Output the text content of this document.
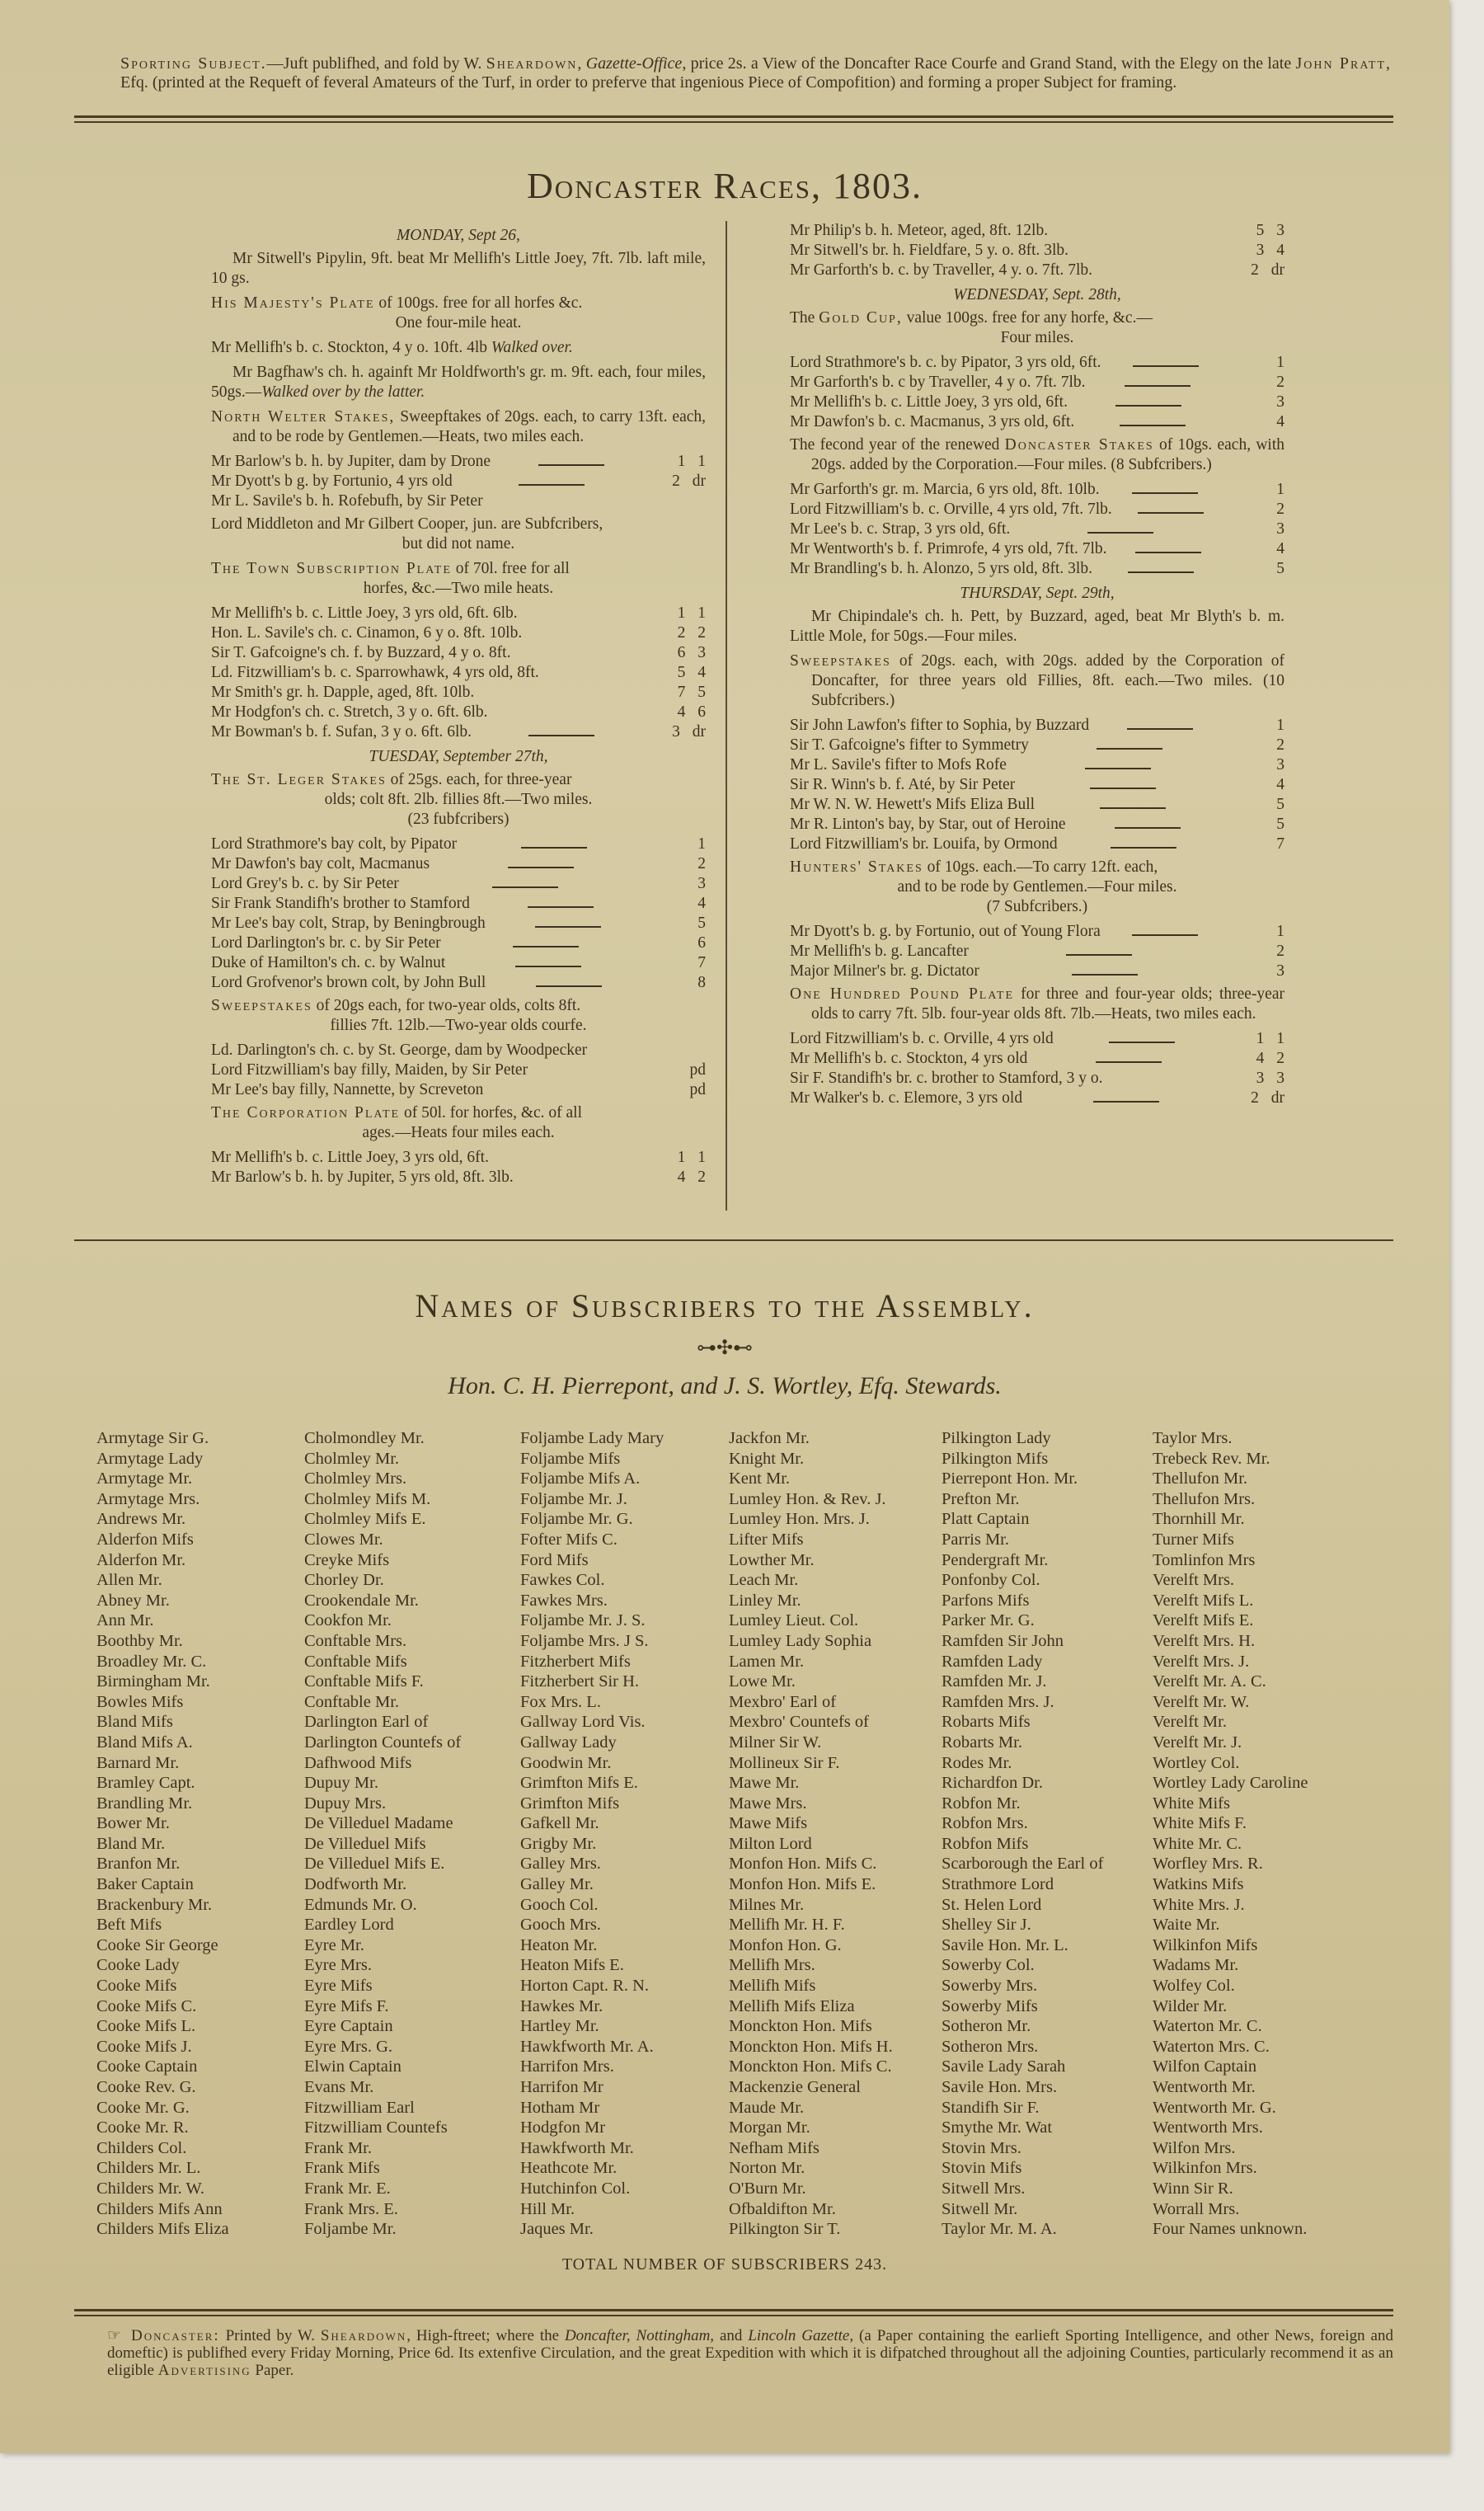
Sporting Subject.—Juft publifhed, and fold by W. Sheardown, Gazette-Office, price 2s. a View of the Doncafter Race Courfe and Grand Stand, with the Elegy on the late John Pratt, Efq. (printed at the Requeft of feveral Amateurs of the Turf, in order to preferve that ingenious Piece of Compofition) and forming a proper Subject for framing.
Doncaster Races, 1803.
MONDAY, Sept 26,
Mr Sitwell's Pipylin, 9ft. beat Mr Mellifh's Little Joey, 7ft. 7lb. laft mile, 10 gs.
His Majesty's Plate of 100gs. free for all horfes &c.
One four-mile heat.
Mr Mellifh's b. c. Stockton, 4 y o. 10ft. 4lb Walked over.
Mr Bagfhaw's ch. h. againft Mr Holdfworth's gr. m. 9ft. each, four miles, 50gs.—Walked over by the latter.
North Welter Stakes, Sweepftakes of 20gs. each, to carry 13ft. each, and to be rode by Gentlemen.—Heats, two miles each.
Mr Barlow's b. h. by Jupiter, dam by Drone	1 1
Mr Dyott's b g. by Fortunio, 4 yrs old	2 dr
Mr L. Savile's b. h. Rofebufh, by Sir Peter
Lord Middleton and Mr Gilbert Cooper, jun. are Subfcribers,
but did not name.
The Town Subscription Plate of 70l. free for all
horfes, &c.—Two mile heats.
Mr Mellifh's b. c. Little Joey, 3 yrs old, 6ft. 6lb.	1 1
Hon. L. Savile's ch. c. Cinamon, 6 y o. 8ft. 10lb.	2 2
Sir T. Gafcoigne's ch. f. by Buzzard, 4 y o. 8ft.	6 3
Ld. Fitzwilliam's b. c. Sparrowhawk, 4 yrs old, 8ft.	5 4
Mr Smith's gr. h. Dapple, aged, 8ft. 10lb.	7 5
Mr Hodgfon's ch. c. Stretch, 3 y o. 6ft. 6lb.	4 6
Mr Bowman's b. f. Sufan, 3 y o. 6ft. 6lb.	3 dr
TUESDAY, September 27th,
The St. Leger Stakes of 25gs. each, for three-year
olds; colt 8ft. 2lb. fillies 8ft.—Two miles.
(23 fubfcribers)
Lord Strathmore's bay colt, by Pipator	1
Mr Dawfon's bay colt, Macmanus	2
Lord Grey's b. c. by Sir Peter	3
Sir Frank Standifh's brother to Stamford	4
Mr Lee's bay colt, Strap, by Beningbrough	5
Lord Darlington's br. c. by Sir Peter	6
Duke of Hamilton's ch. c. by Walnut	7
Lord Grofvenor's brown colt, by John Bull	8
Sweepstakes of 20gs each, for two-year olds, colts 8ft.
fillies 7ft. 12lb.—Two-year olds courfe.
Ld. Darlington's ch. c. by St. George, dam by Woodpecker
Lord Fitzwilliam's bay filly, Maiden, by Sir Peter	pd
Mr Lee's bay filly, Nannette, by Screveton	pd
The Corporation Plate of 50l. for horfes, &c. of all
ages.—Heats four miles each.
Mr Mellifh's b. c. Little Joey, 3 yrs old, 6ft.	1 1
Mr Barlow's b. h. by Jupiter, 5 yrs old, 8ft. 3lb.	4 2
Mr Philip's b. h. Meteor, aged, 8ft. 12lb.	5 3
Mr Sitwell's br. h. Fieldfare, 5 y. o. 8ft. 3lb.	3 4
Mr Garforth's b. c. by Traveller, 4 y. o. 7ft. 7lb.	2 dr
WEDNESDAY, Sept. 28th,
The Gold Cup, value 100gs. free for any horfe, &c.—
Four miles.
Lord Strathmore's b. c. by Pipator, 3 yrs old, 6ft.	1
Mr Garforth's b. c by Traveller, 4 y o. 7ft. 7lb.	2
Mr Mellifh's b. c. Little Joey, 3 yrs old, 6ft.	3
Mr Dawfon's b. c. Macmanus, 3 yrs old, 6ft.	4
The fecond year of the renewed Doncaster Stakes of 10gs. each, with 20gs. added by the Corporation.—Four miles. (8 Subfcribers.)
Mr Garforth's gr. m. Marcia, 6 yrs old, 8ft. 10lb.	1
Lord Fitzwilliam's b. c. Orville, 4 yrs old, 7ft. 7lb.	2
Mr Lee's b. c. Strap, 3 yrs old, 6ft.	3
Mr Wentworth's b. f. Primrofe, 4 yrs old, 7ft. 7lb.	4
Mr Brandling's b. h. Alonzo, 5 yrs old, 8ft. 3lb.	5
THURSDAY, Sept. 29th,
Mr Chipindale's ch. h. Pett, by Buzzard, aged, beat Mr Blyth's b. m. Little Mole, for 50gs.—Four miles.
Sweepstakes of 20gs. each, with 20gs. added by the Corporation of Doncafter, for three years old Fillies, 8ft. each.—Two miles. (10 Subfcribers.)
Sir John Lawfon's fifter to Sophia, by Buzzard	1
Sir T. Gafcoigne's fifter to Symmetry	2
Mr L. Savile's fifter to Mofs Rofe	3
Sir R. Winn's b. f. Até, by Sir Peter	4
Mr W. N. W. Hewett's Mifs Eliza Bull	5
Mr R. Linton's bay, by Star, out of Heroine	5
Lord Fitzwilliam's br. Louifa, by Ormond	7
Hunters' Stakes of 10gs. each.—To carry 12ft. each,
and to be rode by Gentlemen.—Four miles.
(7 Subfcribers.)
Mr Dyott's b. g. by Fortunio, out of Young Flora	1
Mr Mellifh's b. g. Lancafter	2
Major Milner's br. g. Dictator	3
One Hundred Pound Plate for three and four-year olds; three-year olds to carry 7ft. 5lb. four-year olds 8ft. 7lb.—Heats, two miles each.
Lord Fitzwilliam's b. c. Orville, 4 yrs old	1 1
Mr Mellifh's b. c. Stockton, 4 yrs old	4 2
Sir F. Standifh's br. c. brother to Stamford, 3 y o.	3 3
Mr Walker's b. c. Elemore, 3 yrs old	2 dr
Names of Subscribers to the Assembly.
⊶✣⊷
Hon. C. H. Pierrepont, and J. S. Wortley, Efq. Stewards.
Armytage Sir G.
Armytage Lady
Armytage Mr.
Armytage Mrs.
Andrews Mr.
Alderfon Mifs
Alderfon Mr.
Allen Mr.
Abney Mr.
Ann Mr.
Boothby Mr.
Broadley Mr. C.
Birmingham Mr.
Bowles Mifs
Bland Mifs
Bland Mifs A.
Barnard Mr.
Bramley Capt.
Brandling Mr.
Bower Mr.
Bland Mr.
Branfon Mr.
Baker Captain
Brackenbury Mr.
Beft Mifs
Cooke Sir George
Cooke Lady
Cooke Mifs
Cooke Mifs C.
Cooke Mifs L.
Cooke Mifs J.
Cooke Captain
Cooke Rev. G.
Cooke Mr. G.
Cooke Mr. R.
Childers Col.
Childers Mr. L.
Childers Mr. W.
Childers Mifs Ann
Childers Mifs Eliza
Cholmondley Mr.
Cholmley Mr.
Cholmley Mrs.
Cholmley Mifs M.
Cholmley Mifs E.
Clowes Mr.
Creyke Mifs
Chorley Dr.
Crookendale Mr.
Cookfon Mr.
Conftable Mrs.
Conftable Mifs
Conftable Mifs F.
Conftable Mr.
Darlington Earl of
Darlington Countefs of
Dafhwood Mifs
Dupuy Mr.
Dupuy Mrs.
De Villeduel Madame
De Villeduel Mifs
De Villeduel Mifs E.
Dodfworth Mr.
Edmunds Mr. O.
Eardley Lord
Eyre Mr.
Eyre Mrs.
Eyre Mifs
Eyre Mifs F.
Eyre Captain
Eyre Mrs. G.
Elwin Captain
Evans Mr.
Fitzwilliam Earl
Fitzwilliam Countefs
Frank Mr.
Frank Mifs
Frank Mr. E.
Frank Mrs. E.
Foljambe Mr.
Foljambe Lady Mary
Foljambe Mifs
Foljambe Mifs A.
Foljambe Mr. J.
Foljambe Mr. G.
Fofter Mifs C.
Ford Mifs
Fawkes Col.
Fawkes Mrs.
Foljambe Mr. J. S.
Foljambe Mrs. J S.
Fitzherbert Mifs
Fitzherbert Sir H.
Fox Mrs. L.
Gallway Lord Vis.
Gallway Lady
Goodwin Mr.
Grimfton Mifs E.
Grimfton Mifs
Gafkell Mr.
Grigby Mr.
Galley Mrs.
Galley Mr.
Gooch Col.
Gooch Mrs.
Heaton Mr.
Heaton Mifs E.
Horton Capt. R. N.
Hawkes Mr.
Hartley Mr.
Hawkfworth Mr. A.
Harrifon Mrs.
Harrifon Mr
Hotham Mr
Hodgfon Mr
Hawkfworth Mr.
Heathcote Mr.
Hutchinfon Col.
Hill Mr.
Jaques Mr.
Jackfon Mr.
Knight Mr.
Kent Mr.
Lumley Hon. & Rev. J.
Lumley Hon. Mrs. J.
Lifter Mifs
Lowther Mr.
Leach Mr.
Linley Mr.
Lumley Lieut. Col.
Lumley Lady Sophia
Lamen Mr.
Lowe Mr.
Mexbro' Earl of
Mexbro' Countefs of
Milner Sir W.
Mollineux Sir F.
Mawe Mr.
Mawe Mrs.
Mawe Mifs
Milton Lord
Monfon Hon. Mifs C.
Monfon Hon. Mifs E.
Milnes Mr.
Mellifh Mr. H. F.
Monfon Hon. G.
Mellifh Mrs.
Mellifh Mifs
Mellifh Mifs Eliza
Monckton Hon. Mifs
Monckton Hon. Mifs H.
Monckton Hon. Mifs C.
Mackenzie General
Maude Mr.
Morgan Mr.
Nefham Mifs
Norton Mr.
O'Burn Mr.
Ofbaldifton Mr.
Pilkington Sir T.
Pilkington Lady
Pilkington Mifs
Pierrepont Hon. Mr.
Prefton Mr.
Platt Captain
Parris Mr.
Pendergraft Mr.
Ponfonby Col.
Parfons Mifs
Parker Mr. G.
Ramfden Sir John
Ramfden Lady
Ramfden Mr. J.
Ramfden Mrs. J.
Robarts Mifs
Robarts Mr.
Rodes Mr.
Richardfon Dr.
Robfon Mr.
Robfon Mrs.
Robfon Mifs
Scarborough the Earl of
Strathmore Lord
St. Helen Lord
Shelley Sir J.
Savile Hon. Mr. L.
Sowerby Col.
Sowerby Mrs.
Sowerby Mifs
Sotheron Mr.
Sotheron Mrs.
Savile Lady Sarah
Savile Hon. Mrs.
Standifh Sir F.
Smythe Mr. Wat
Stovin Mrs.
Stovin Mifs
Sitwell Mrs.
Sitwell Mr.
Taylor Mr. M. A.
Taylor Mrs.
Trebeck Rev. Mr.
Thellufon Mr.
Thellufon Mrs.
Thornhill Mr.
Turner Mifs
Tomlinfon Mrs
Verelft Mrs.
Verelft Mifs L.
Verelft Mifs E.
Verelft Mrs. H.
Verelft Mrs. J.
Verelft Mr. A. C.
Verelft Mr. W.
Verelft Mr.
Verelft Mr. J.
Wortley Col.
Wortley Lady Caroline
White Mifs
White Mifs F.
White Mr. C.
Worfley Mrs. R.
Watkins Mifs
White Mrs. J.
Waite Mr.
Wilkinfon Mifs
Wadams Mr.
Wolfey Col.
Wilder Mr.
Waterton Mr. C.
Waterton Mrs. C.
Wilfon Captain
Wentworth Mr.
Wentworth Mr. G.
Wentworth Mrs.
Wilfon Mrs.
Wilkinfon Mrs.
Winn Sir R.
Worrall Mrs.
Four Names unknown.
TOTAL NUMBER OF SUBSCRIBERS 243.
☞ Doncaster: Printed by W. Sheardown, High-ftreet; where the Doncafter, Nottingham, and Lincoln Gazette, (a Paper containing the earlieft Sporting Intelligence, and other News, foreign and domeftic) is publifhed every Friday Morning, Price 6d. Its extenfive Circulation, and the great Expedition with which it is difpatched throughout all the adjoining Counties, particularly recommend it as an eligible Advertising Paper.
